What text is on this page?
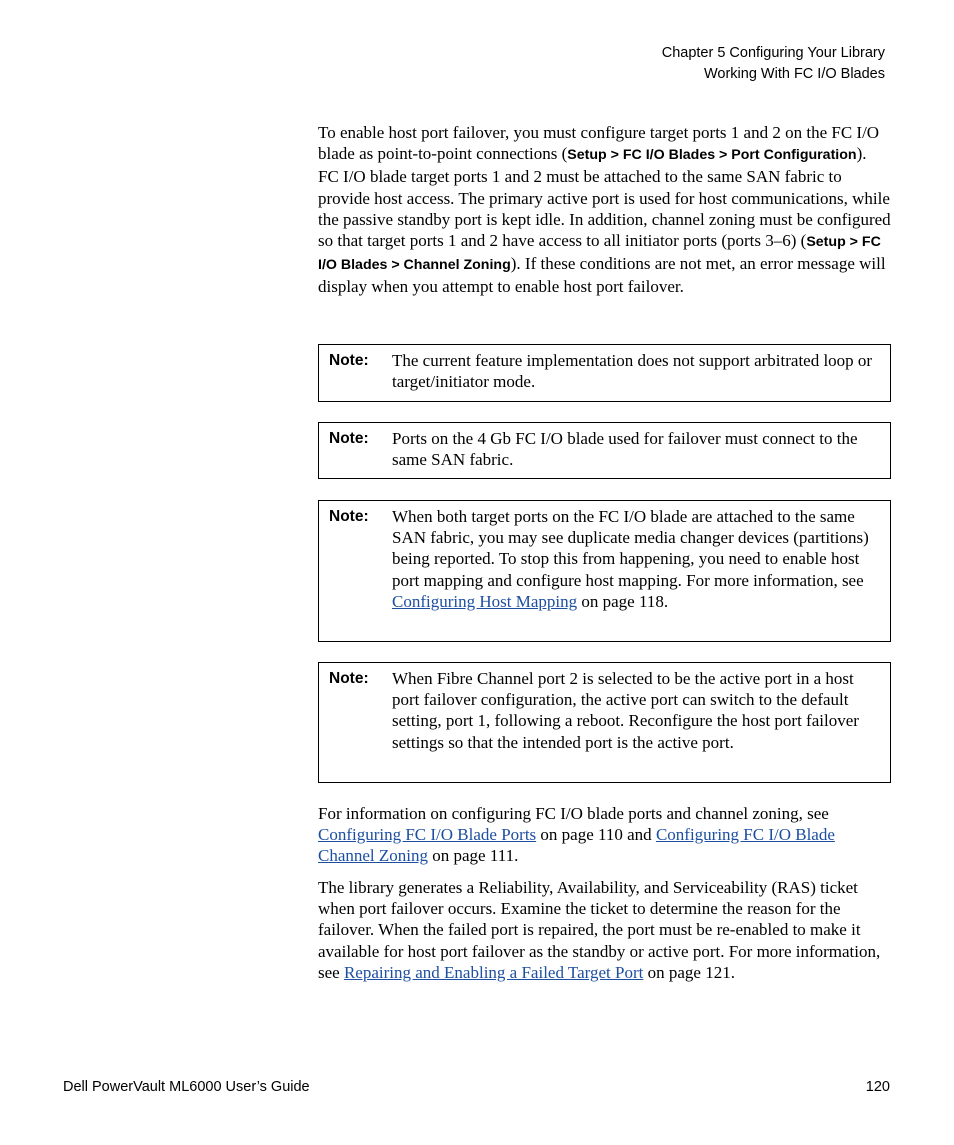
Chapter 5 Configuring Your Library
Working With FC I/O Blades
To enable host port failover, you must configure target ports 1 and 2 on the FC I/O blade as point-to-point connections (Setup > FC I/O Blades > Port Configuration). FC I/O blade target ports 1 and 2 must be attached to the same SAN fabric to provide host access. The primary active port is used for host communications, while the passive standby port is kept idle. In addition, channel zoning must be configured so that target ports 1 and 2 have access to all initiator ports (ports 3–6) (Setup > FC I/O Blades > Channel Zoning). If these conditions are not met, an error message will display when you attempt to enable host port failover.
Note: The current feature implementation does not support arbitrated loop or target/initiator mode.
Note: Ports on the 4 Gb FC I/O blade used for failover must connect to the same SAN fabric.
Note: When both target ports on the FC I/O blade are attached to the same SAN fabric, you may see duplicate media changer devices (partitions) being reported. To stop this from happening, you need to enable host port mapping and configure host mapping. For more information, see Configuring Host Mapping on page 118.
Note: When Fibre Channel port 2 is selected to be the active port in a host port failover configuration, the active port can switch to the default setting, port 1, following a reboot. Reconfigure the host port failover settings so that the intended port is the active port.
For information on configuring FC I/O blade ports and channel zoning, see Configuring FC I/O Blade Ports on page 110 and Configuring FC I/O Blade Channel Zoning on page 111.
The library generates a Reliability, Availability, and Serviceability (RAS) ticket when port failover occurs. Examine the ticket to determine the reason for the failover. When the failed port is repaired, the port must be re-enabled to make it available for host port failover as the standby or active port. For more information, see Repairing and Enabling a Failed Target Port on page 121.
Dell PowerVault ML6000 User’s Guide	120
